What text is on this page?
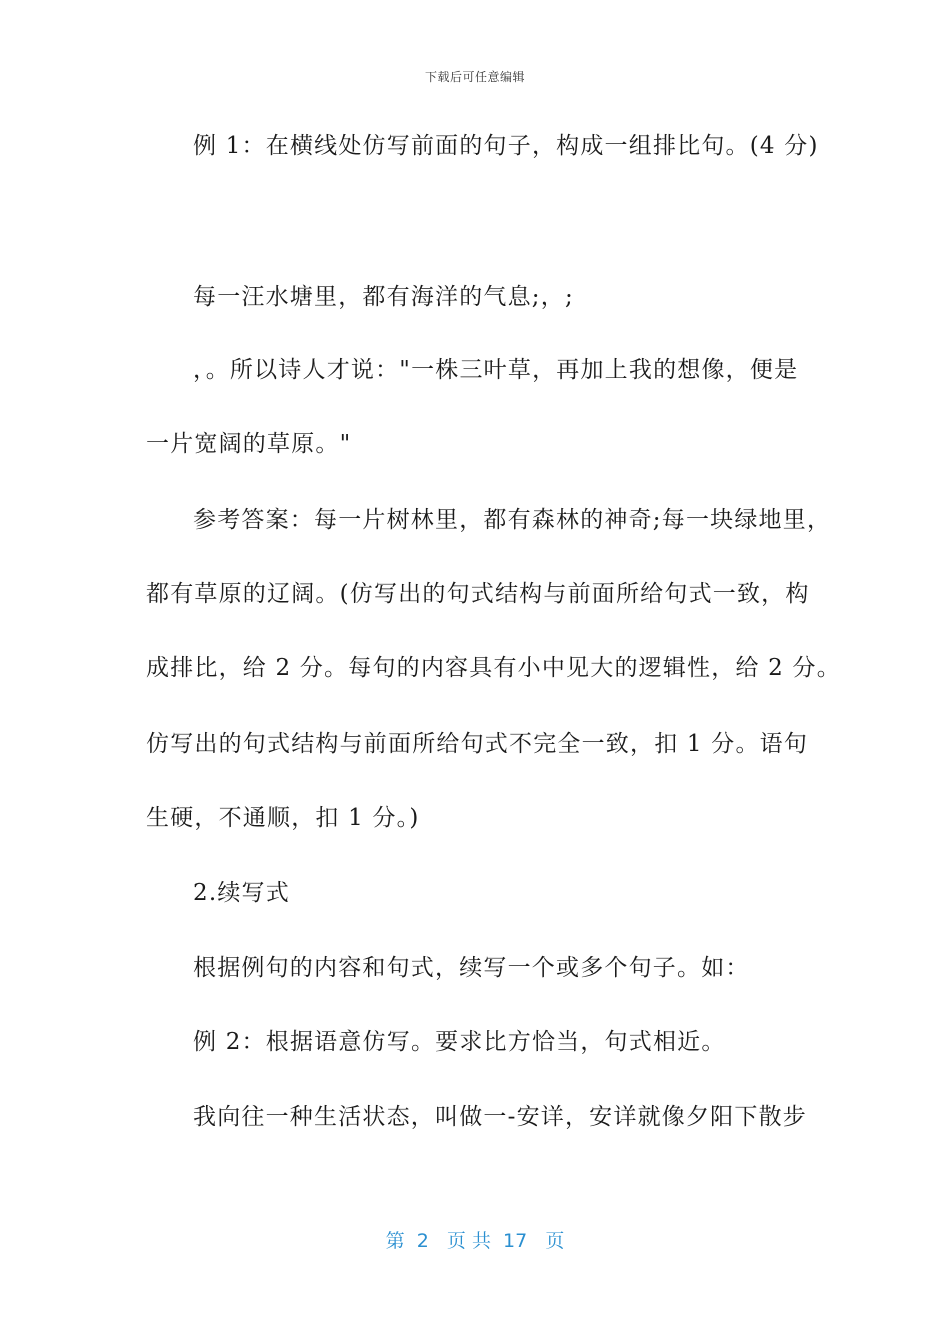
下载后可任意编辑
例 1：在横线处仿写前面的句子，构成一组排比句。(4 分)
每一汪水塘里，都有海洋的气息;，;
，。所以诗人才说："一株三叶草，再加上我的想像，便是
一片宽阔的草原。"
参考答案：每一片树林里，都有森林的神奇;每一块绿地里，
都有草原的辽阔。(仿写出的句式结构与前面所给句式一致，构
成排比，给 2 分。每句的内容具有小中见大的逻辑性，给 2 分。
仿写出的句式结构与前面所给句式不完全一致，扣 1 分。语句
生硬，不通顺，扣 1 分。)
2.续写式
根据例句的内容和句式，续写一个或多个句子。如：
例 2：根据语意仿写。要求比方恰当，句式相近。
我向往一种生活状态，叫做一-安详，安详就像夕阳下散步
第  2   页 共  17   页
